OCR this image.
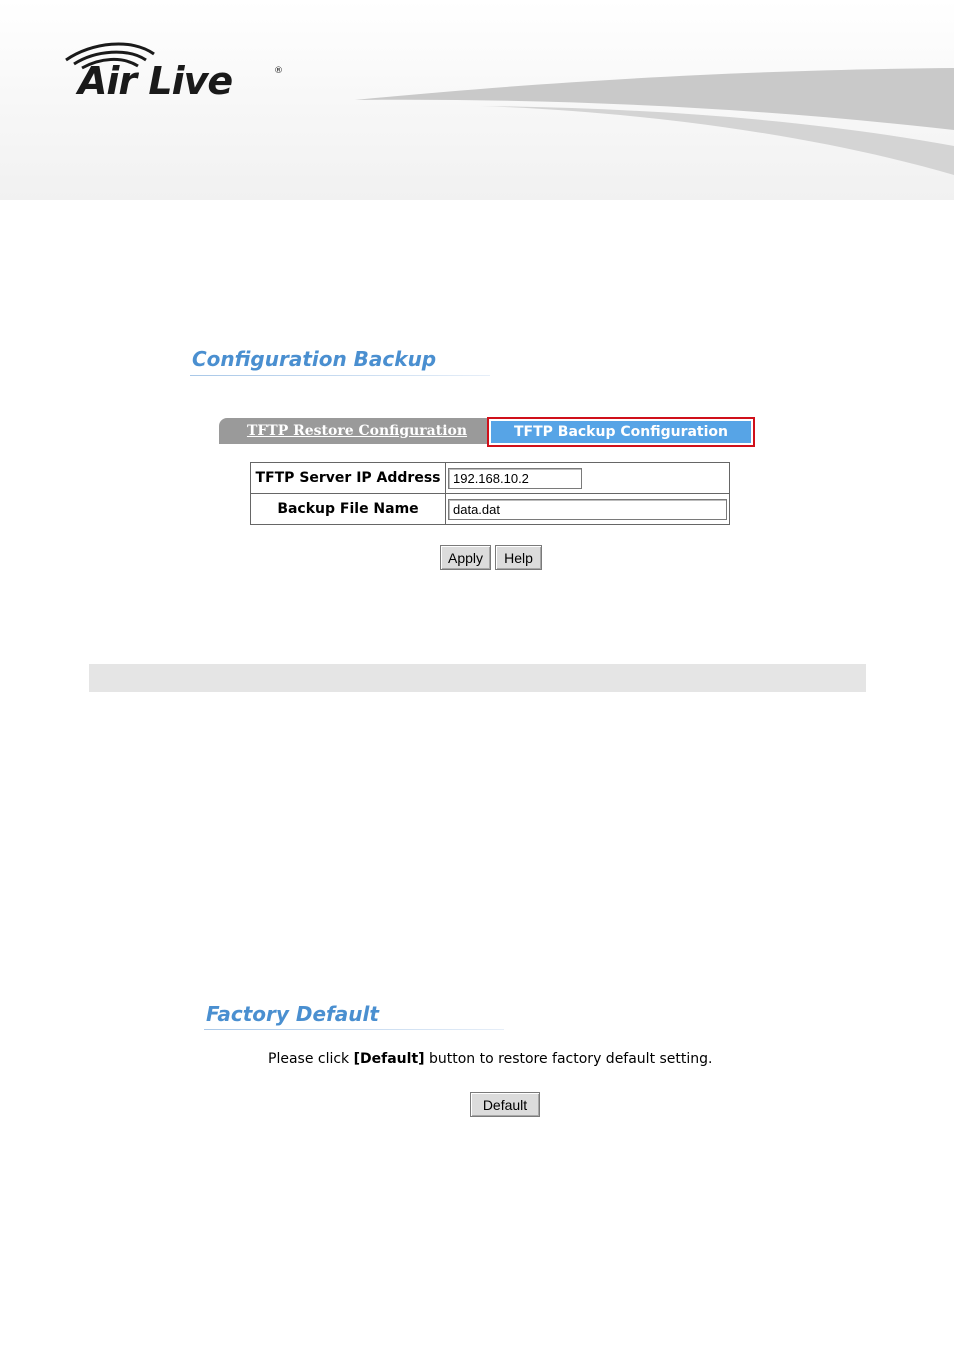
Air Live	®
Configuration Backup
TFTP Restore Configuration	TFTP Backup Configuration
TFTP Server IP Address	192.168.10.2
Backup File Name	data.dat
Apply	Help
Factory Default

Please click [Default] button to restore factory default setting.

Default
